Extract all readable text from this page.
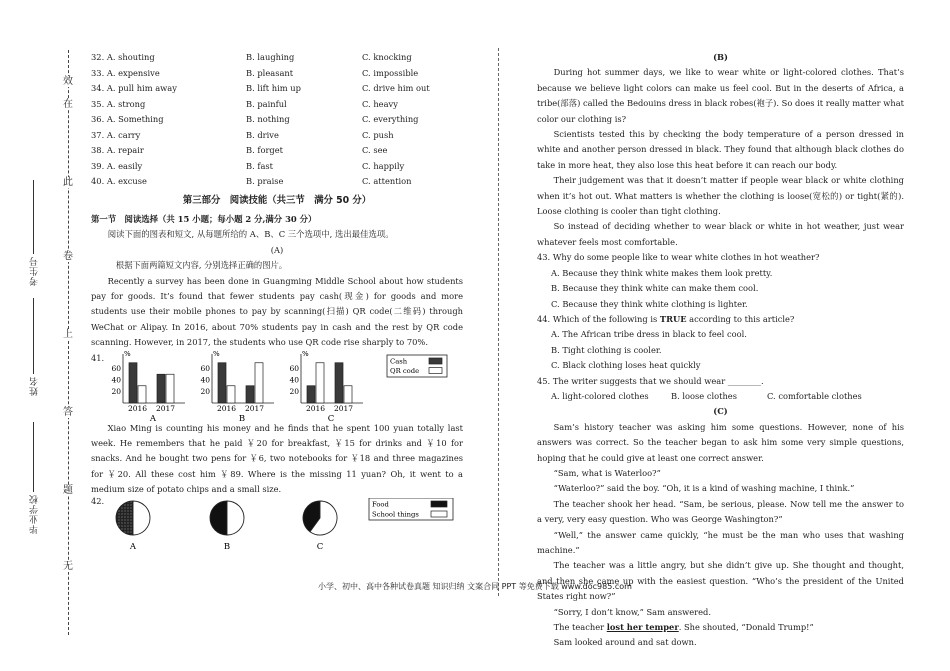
效
在
此
卷
上
答
题
无
考生号
姓名
毕业学校
32. A. shouting	B. laughing	C. knocking
33. A. expensive	B. pleasant	C. impossible
34. A. pull him away	B. lift him up	C. drive him out
35. A. strong	B. painful	C. heavy
36. A. Something	B. nothing	C. everything
37. A. carry	B. drive	C. push
38. A. repair	B. forget	C. see
39. A. easily	B. fast	C. happily
40. A. excuse	B. praise	C. attention
第三部分　阅读技能（共三节　满分 50 分）
第一节　阅读选择（共 15 小题；每小题 2 分,满分 30 分）
阅读下面的图表和短文, 从每题所给的 A、B、C 三个选项中, 选出最佳选项。
(A)
根据下面两篇短文内容, 分别选择正确的图片。
Recently a survey has been done in Guangming Middle School about how students pay for goods. It’s found that fewer students pay cash(现金) for goods and more students use their mobile phones to pay by scanning(扫描) QR code(二维码) through WeChat or Alipay. In 2016, about 70% students pay in cash and the rest by QR code scanning. However, in 2017, the students who use QR code rise sharply to 70%.
41.	%
20
40
60
2016 2017
A
%
20
40
60
2016 2017
B
%
20
40
60
2016 2017
C
Cash
QR code
Xiao Ming is counting his money and he finds that he spent 100 yuan totally last week. He remembers that he paid ￥20 for breakfast, ￥15 for drinks and ￥10 for snacks. And he bought two pens for ￥6, two notebooks for ￥18 and three magazines for ￥20. All these cost him ￥89. Where is the missing 11 yuan? Oh, it went to a medium size of potato chips and a small size.
42.
A	B	C
Food
School things
(B)
During hot summer days, we like to wear white or light-colored clothes. That’s because we believe light colors can make us feel cool. But in the deserts of Africa, a tribe(部落) called the Bedouins dress in black robes(袍子). So does it really matter what color our clothing is?
Scientists tested this by checking the body temperature of a person dressed in white and another person dressed in black. They found that although black clothes do take in more heat, they also lose this heat before it can reach our body.
Their judgement was that it doesn’t matter if people wear black or white clothing when it’s hot out. What matters is whether the clothing is loose(宽松的) or tight(紧的). Loose clothing is cooler than tight clothing.
So instead of deciding whether to wear black or white in hot weather, just wear whatever feels most comfortable.
43. Why do some people like to wear white clothes in hot weather?
A. Because they think white makes them look pretty.
B. Because they think white can make them cool.
C. Because they think white clothing is lighter.
44. Which of the following is TRUE according to this article?
A. The African tribe dress in black to feel cool.
B. Tight clothing is cooler.
C. Black clothing loses heat quickly
45. The writer suggests that we should wear ________.
A. light-colored clothes	B. loose clothes	C. comfortable clothes
(C)
Sam’s history teacher was asking him some questions. However, none of his answers was correct. So the teacher began to ask him some very simple questions, hoping that he could give at least one correct answer.
“Sam, what is Waterloo?”
“Waterloo?” said the boy. “Oh, it is a kind of washing machine, I think.”
The teacher shook her head. “Sam, be serious, please. Now tell me the answer to a very, very easy question. Who was George Washington?”
“Well,” the answer came quickly, “he must be the man who uses that washing machine.”
The teacher was a little angry, but she didn’t give up. She thought and thought, and then she came up with the easiest question. “Who’s the president of the United States right now?”
“Sorry, I don’t know,” Sam answered.
The teacher lost her temper. She shouted, “Donald Trump!”
Sam looked around and sat down.
小学、初中、高中各种试卷真题 知识归纳 文案合同 PPT 等免费下载 www.doc985.com
